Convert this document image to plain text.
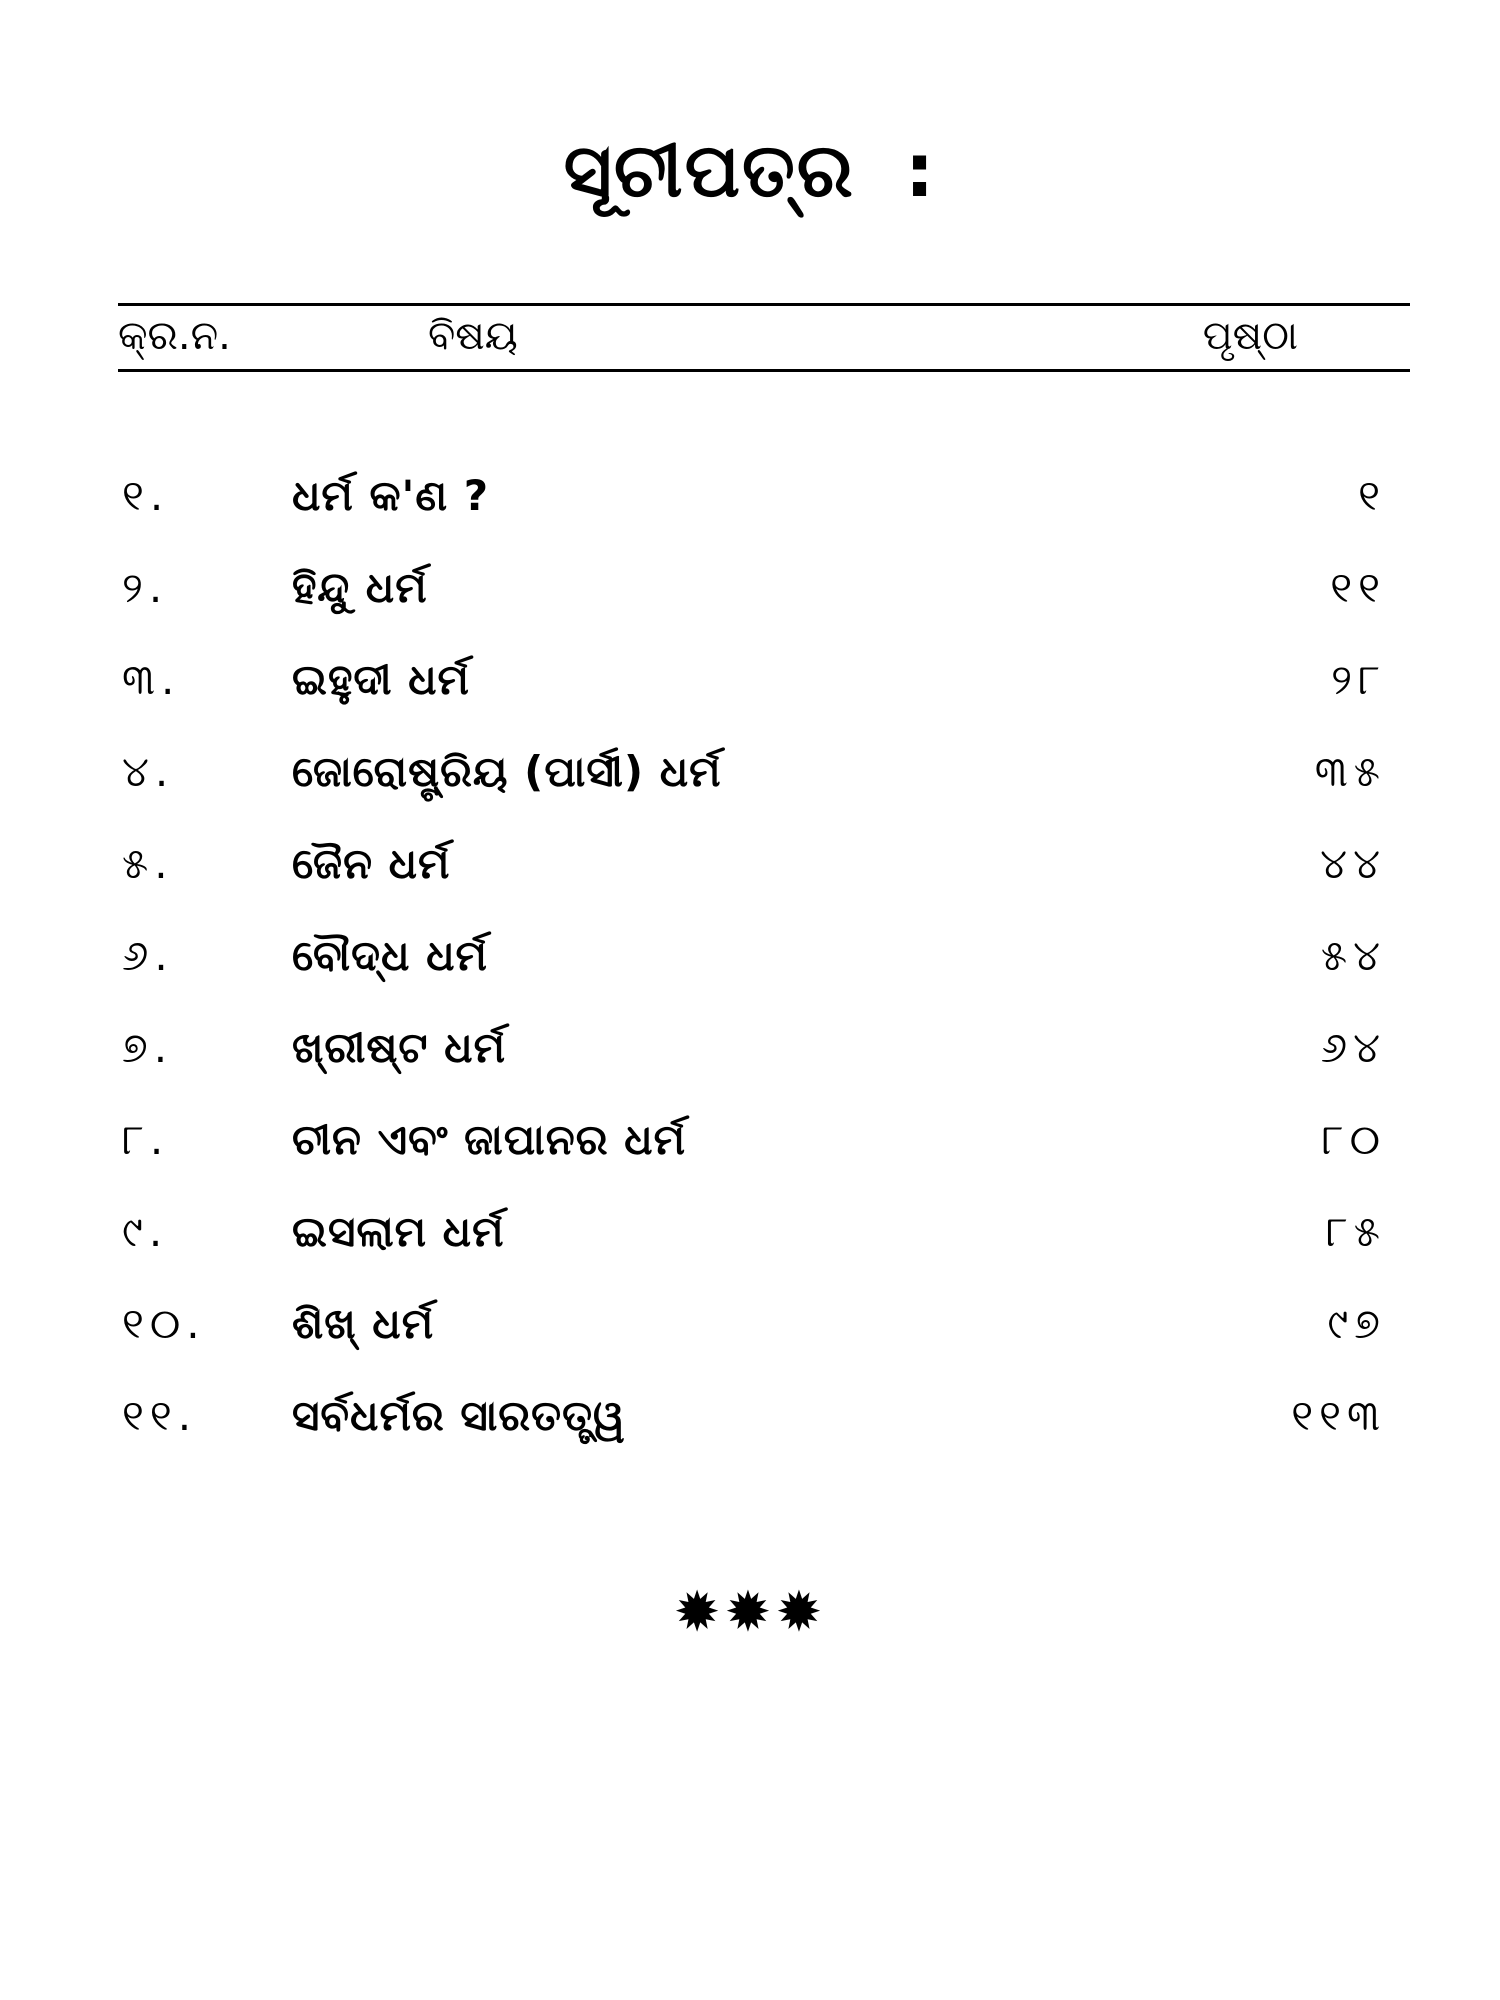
ସୂଚୀପତ୍ର :
କ୍ର.ନ.	ବିଷୟ	ପୃଷ୍ଠା
୧.	ଧର୍ମ କ'ଣ ?	୧
୨.	ହିନ୍ଦୁ ଧର୍ମ	୧୧
୩.	ଇହୁଦୀ ଧର୍ମ	୨୮
୪.	ଜୋରୋଷ୍ଟ୍ରିୟ (ପାର୍ସୀ) ଧର୍ମ	୩୫
୫.	ଜୈନ ଧର୍ମ	୪୪
୬.	ବୌଦ୍ଧ ଧର୍ମ	୫୪
୭.	ଖ୍ରୀଷ୍ଟ ଧର୍ମ	୬୪
୮.	ଚୀନ ଏବଂ ଜାପାନର ଧର୍ମ	୮୦
୯.	ଇସଲାମ ଧର୍ମ	୮୫
୧୦. ଶିଖ୍ ଧର୍ମ	୯୭
୧୧. ସର୍ବଧର୍ମର ସାରତତ୍ତ୍ୱ	୧୧୩
✹✹✹
